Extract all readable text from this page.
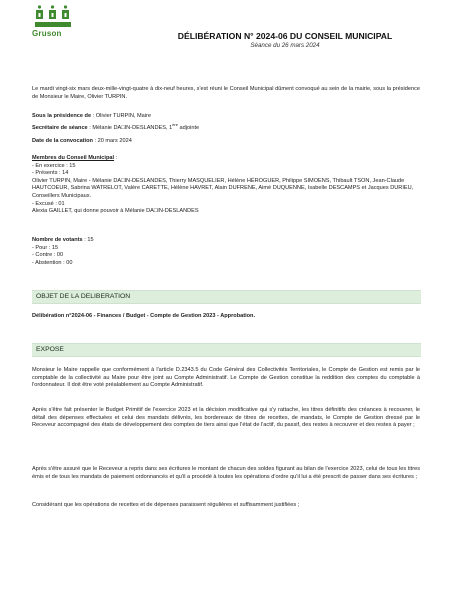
Gruson	DÉLIBÉRATION N° 2024-06 DU CONSEIL MUNICIPAL
Séance du 26 mars 2024

Le mardi vingt-six mars deux-mille-vingt-quatre à dix-neuf heures, s'est réuni le Conseil Municipal dûment convoqué au sein de la mairie, sous la présidence de Monsieur le Maire, Olivier TURPIN.

Sous la présidence de : Olivier TURPIN, Maire

Secrétaire de séance : Mélanie DA□IN-DESLANDES, 1ère adjointe

Date de la convocation : 20 mars 2024

Membres du Conseil Municipal :

- En exercice : 15

- Présents : 14

Olivier TURPIN, Maire - Mélanie DA□IN-DESLANDES, Thierry MASQUELIER, Hélène HÉROGUER, Philippe SIMOENS, Thibault TSON, Jean-Claude HAUTCOEUR, Sabrina WATRELOT, Valère CARETTE, Hélène HAVRET, Alain DUFRENE, Aimé DUQUENNE, Isabelle DESCAMPS et Jacques DURIEU, Conseillers Municipaux.

- Excusé : 01

Alexia GAILLET, qui donne pouvoir à Mélanie DA□IN-DESLANDES

Nombre de votants : 15

- Pour : 15

- Contre : 00

- Abstention : 00

OBJET DE LA DELIBERATION

Délibération n°2024-06 - Finances / Budget - Compte de Gestion 2023 - Approbation.

EXPOSE

Monsieur le Maire rappelle que conformément à l'article D.2343.5 du Code Général des Collectivités Territoriales, le Compte de Gestion est remis par le comptable de la collectivité au Maire pour être joint au Compte Administratif. Le Compte de Gestion constitue la reddition des comptes du comptable à l'ordonnateur. Il doit être voté préalablement au Compte Administratif.

Après s'être fait présenter le Budget Primitif de l'exercice 2023 et la décision modificative qui s'y rattache, les titres définitifs des créances à recouvrer, le détail des dépenses effectuées et celui des mandats délivrés, les bordereaux de titres de recettes, de mandats, le Compte de Gestion dressé par le Receveur accompagné des états de développement des comptes de tiers ainsi que l'état de l'actif, du passif, des restes à recouvrer et des restes à payer ;

Après s'être assuré que le Receveur a repris dans ses écritures le montant de chacun des soldes figurant au bilan de l'exercice 2023, celui de tous les titres émis et de tous les mandats de paiement ordonnancés et qu'il a procédé à toutes les opérations d'ordre qu'il lui a été prescrit de passer dans ses écritures ;

Considérant que les opérations de recettes et de dépenses paraissent régulières et suffisamment justifiées ;
